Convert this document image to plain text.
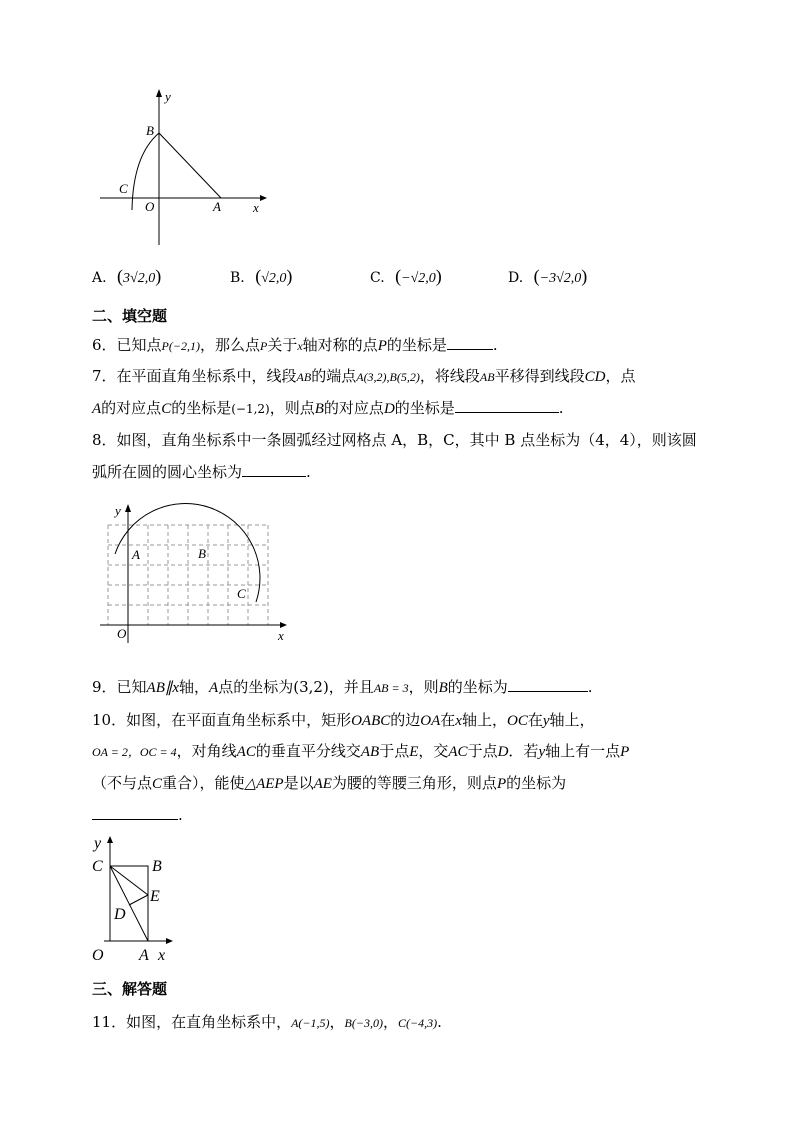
y
x
O	A
B
C
A. (3√2,0)	B. (√2,0)	C. (−√2,0)	D. (−3√2,0)
二、填空题
6．已知点P(−2,1)，那么点P关于x轴对称的点P的坐标是	.
7．在平面直角坐标系中，线段AB的端点A(3,2),B(5,2)，将线段AB平移得到线段CD，点
A的对应点C的坐标是(−1,2)，则点B的对应点D的坐标是	.
8．如图，直角坐标系中一条圆弧经过网格点 A，B，C，其中 B 点坐标为（4，4），则该圆
弧所在圆的圆心坐标为	.
y
x
O
A	B
C
9．已知AB∥x轴，A点的坐标为(3,2)，并且AB = 3，则B的坐标为	.
10．如图，在平面直角坐标系中，矩形OABC的边OA在x轴上，OC在y轴上，
OA = 2，OC = 4，对角线AC的垂直平分线交AB于点E，交AC于点D．若y轴上有一点P
（不与点C重合），能使△AEP是以AE为腰的等腰三角形，则点P的坐标为
.
y
x
O A
B
C
D
E
三、解答题
11．如图，在直角坐标系中，A(−1,5)，B(−3,0)，C(−4,3).
